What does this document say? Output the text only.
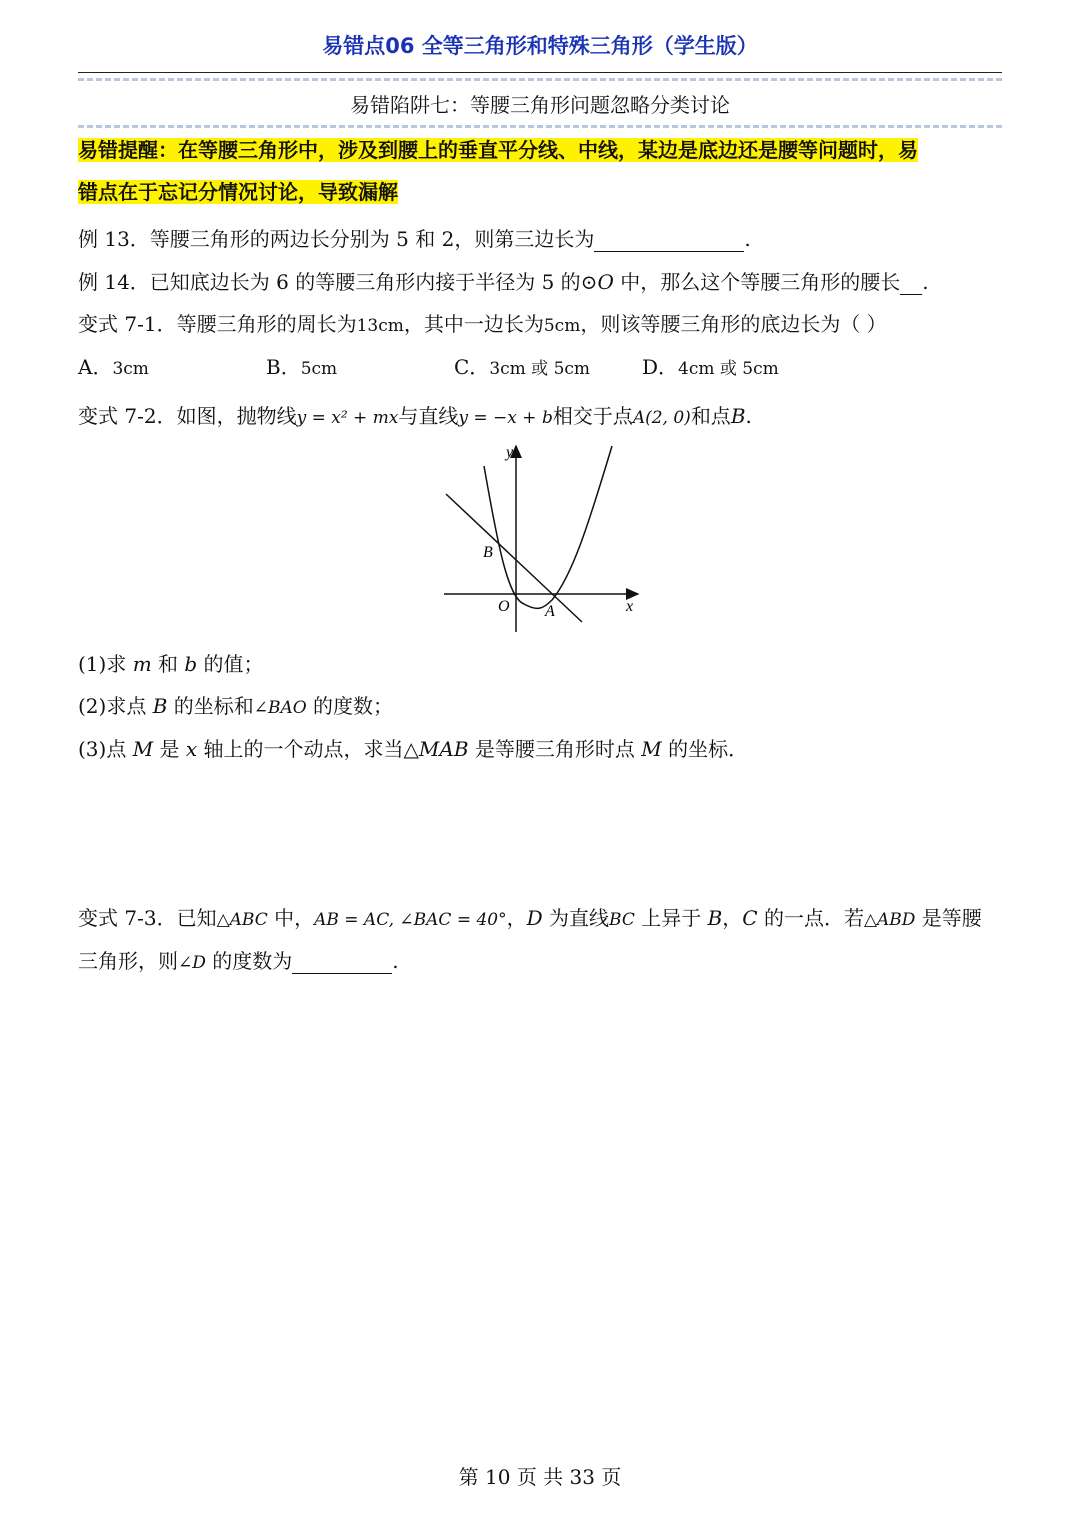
易错点06 全等三角形和特殊三角形（学生版）
易错陷阱七：等腰三角形问题忽略分类讨论
易错提醒：在等腰三角形中，涉及到腰上的垂直平分线、中线，某边是底边还是腰等问题时，易
错点在于忘记分情况讨论，导致漏解
例 13．等腰三角形的两边长分别为 5 和 2，则第三边长为	.
例 14．已知底边长为 6 的等腰三角形内接于半径为 5 的⊙O 中，那么这个等腰三角形的腰长 .
变式 7-1．等腰三角形的周长为13cm，其中一边长为5cm，则该等腰三角形的底边长为（ ）
A．3cm	B．5cm	C．3cm 或 5cm	D．4cm 或 5cm
变式 7-2．如图，抛物线y = x² + mx与直线y = −x + b相交于点A(2, 0)和点B.
y
x
O A
B
(1)求 m 和 b 的值；
(2)求点 B 的坐标和∠BAO 的度数；
(3)点 M 是 x 轴上的一个动点，求当△MAB 是等腰三角形时点 M 的坐标．
变式 7-3．已知△ABC 中，AB = AC, ∠BAC = 40°，D 为直线BC 上异于 B，C 的一点．若△ABD 是等腰
三角形，则∠D 的度数为	.
第 10 页 共 33 页
